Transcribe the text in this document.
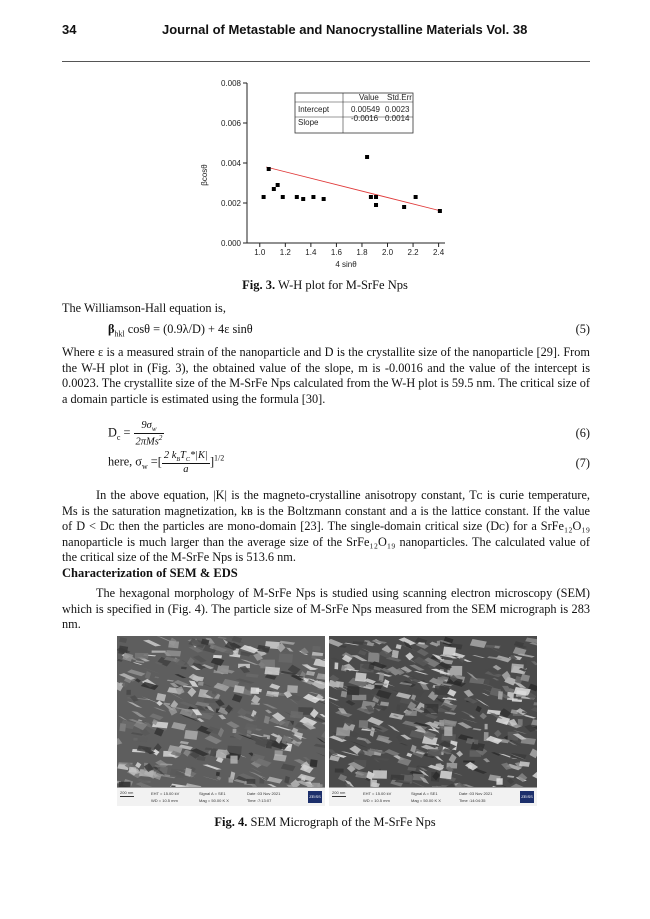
34	Journal of Metastable and Nanocrystalline Materials Vol. 38
0.000
0.002
0.004
0.006
0.008
1.0 1.2 1.4 1.6 1.8 2.0 2.2 2.4
4 sinθ
βcosθ
Value Std.Err
Intercept	0.00549 0.0023
Slope	-0.0016 0.0014
Fig. 3. W-H plot for M-SrFe Nps
The Williamson-Hall equation is,
$\beta_{hkl}$ cosθ = (0.9λ/D) + 4ε sinθ	(5)
Where ε is a measured strain of the nanoparticle and D is the crystallite size of the nanoparticle [29]. From the W-H plot in (Fig. 3), the obtained value of the slope, m is -0.0016 and the value of the intercept is 0.0023. The crystallite size of the M-SrFe Nps calculated from the W-H plot is 59.5 nm. The critical size of a domain particle is estimated using the formula [30].
$D_c = \frac{9\sigma_w}{2\pi Ms^2}$	(6)
here, $\sigma_w$ =[ $\frac{2 k_BT_C*|K|}{a} ]^{1/2}$	(7)
In the above equation, |K| is the magneto-crystalline anisotropy constant, Tᴄ is curie temperature, Ms is the saturation magnetization, kʙ is the Boltzmann constant and a is the lattice constant. If the value of D < Dᴄ then the particles are mono-domain [23]. The single-domain critical size (Dᴄ) for a SrFe₁₂O₁₉ nanoparticle is much larger than the average size of the SrFe₁₂O₁₉ nanoparticles. The calculated value of the critical size of the M-SrFe Nps is 513.6 nm.
Characterization of SEM & EDS
The hexagonal morphology of M-SrFe Nps is studied using scanning electron microscopy (SEM) which is specified in (Fig. 4). The particle size of M-SrFe Nps measured from the SEM micrograph is 283 nm.
200 nm	EHT = 15.00 kV
WD = 10.5 mm
Signal A = SE1
Mag = 50.00 K X
Date :03 Nov 2021
Time :7:13:07
ZEISS
200 nm	EHT = 15.00 kV
WD = 10.5 mm
Signal A = SE1
Mag = 50.00 K X
Date :03 Nov 2021
Time :14:04:35
ZEISS
Fig. 4. SEM Micrograph of the M-SrFe Nps
